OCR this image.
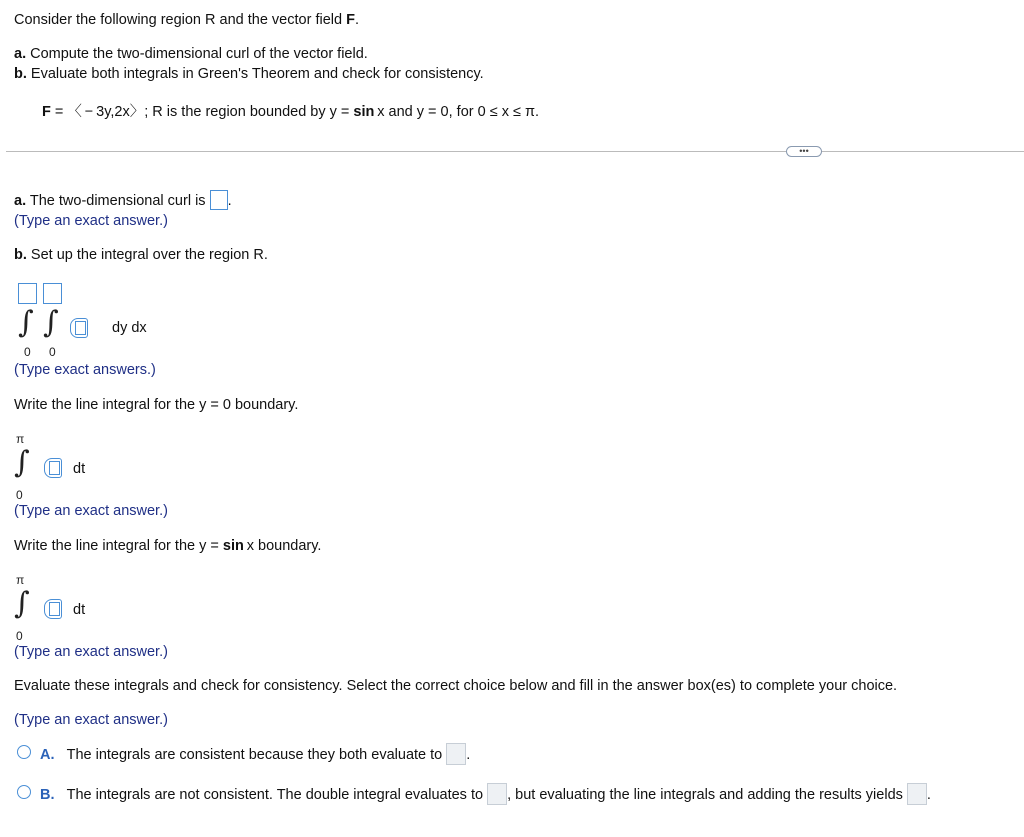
Consider the following region R and the vector field F.
a. Compute the two-dimensional curl of the vector field.
b. Evaluate both integrals in Green's Theorem and check for consistency.
F = 〈 − 3y,2x〉; R is the region bounded by y = sin x and y = 0, for 0 ≤ x ≤ π.
•••
a. The two-dimensional curl is .
(Type an exact answer.)
b. Set up the integral over the region R.
∫ ∫	dy dx
0 0
(Type exact answers.)
Write the line integral for the y = 0 boundary.
π
∫	dt
0
(Type an exact answer.)
Write the line integral for the y = sin x boundary.
π
∫	dt
0
(Type an exact answer.)
Evaluate these integrals and check for consistency. Select the correct choice below and fill in the answer box(es) to complete your choice.
(Type an exact answer.)
A. The integrals are consistent because they both evaluate to .
B. The integrals are not consistent. The double integral evaluates to , but evaluating the line integrals and adding the results yields .
